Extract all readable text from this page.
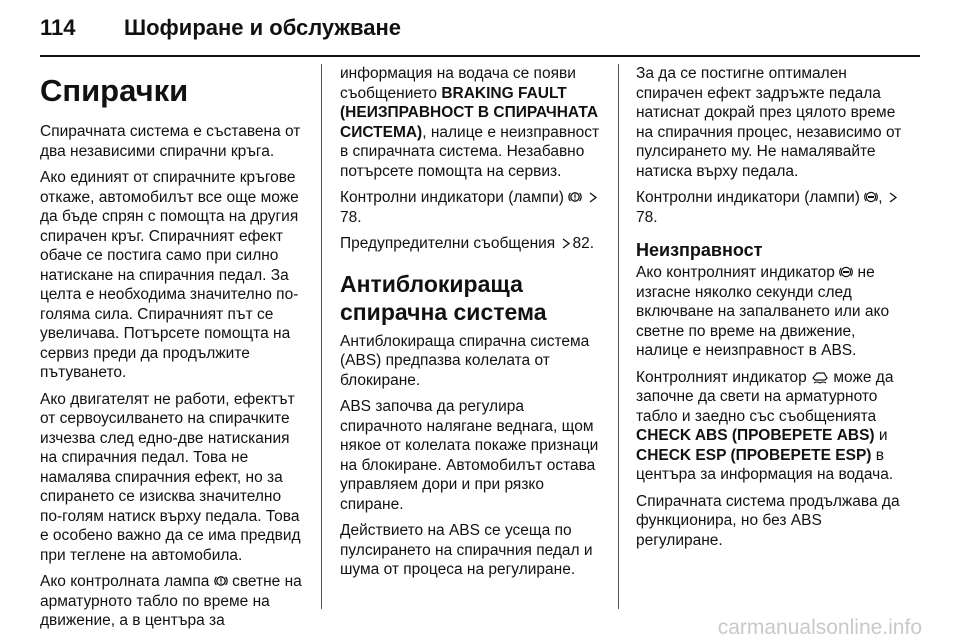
114	Шофиране и обслужване
Спирачки

Спирачната система е съставена от два независими спирачни кръга.

Ако единият от спирачните кръгове откаже, автомобилът все още може да бъде спрян с помощта на другия спирачен кръг. Спирачният ефект обаче се постига само при силно натискане на спирачния педал. За целта е необходима значително по-голяма сила. Спирачният път се увеличава. Потърсете помощта на сервиз преди да продължите пътуването.

Ако двигателят не работи, ефектът от сервоусилването на спирачките изчезва след едно-две натискания на спирачния педал. Това не намалява спирачния ефект, но за спирането се изисква значително по-голям натиск върху педала. Това е особено важно да се има предвид при теглене на автомобила.

Ако контролната лампа светне на арматурното табло по време на движение, а в центъра за

информация на водача се появи съобщението BRAKING FAULT (НЕИЗПРАВНОСТ В СПИРАЧНАТА СИСТЕМА), налице е неизправност в спирачната система. Незабавно потърсете помощта на сервиз.

Контролни индикатори (лампи)  78.

Предупредителни съобщения 82.

Антиблокираща спирачна система

Антиблокираща спирачна система (ABS) предпазва колелата от блокиране.

ABS започва да регулира спирачното налягане веднага, щом някое от колелата покаже признаци на блокиране. Автомобилът остава управляем дори и при рязко спиране.

Действието на ABS се усеща по пулсирането на спирачния педал и шума от процеса на регулиране.

За да се постигне оптимален спирачен ефект задръжте педала натиснат докрай през цялото време на спирачния процес, независимо от пулсирането му. Не намалявайте натиска върху педала.

Контролни индикатори (лампи) , 78.

Неизправност

Ако контролният индикатор не изгасне няколко секунди след включване на запалването или ако светне по време на движение, налице е неизправност в ABS.

Контролният индикатор може да започне да свети на арматурното табло и заедно със съобщенията CHECK ABS (ПРОВЕРЕТЕ ABS) и CHECK ESP (ПРОВЕРЕТЕ ESP) в центъра за информация на водача.

Спирачната система продължава да функционира, но без ABS регулиране.

carmanualsonline.info
